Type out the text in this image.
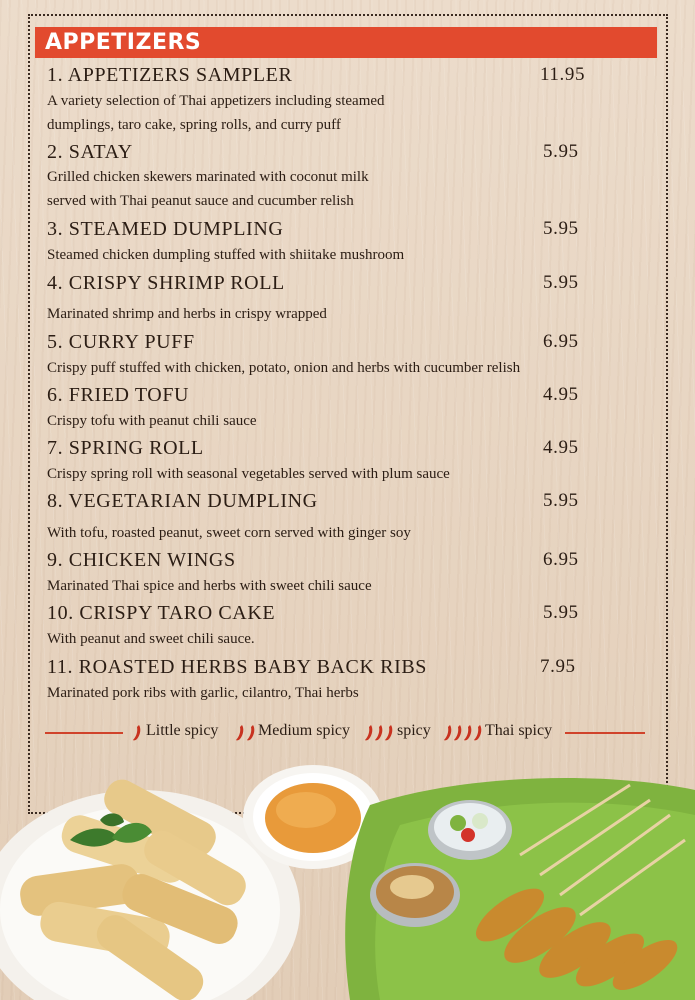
APPETIZERS
1. APPETIZERS SAMPLER	11.95
A variety selection of Thai appetizers including steamed
dumplings, taro cake, spring rolls, and curry puff
2. SATAY	5.95
Grilled chicken skewers marinated with coconut milk
served with Thai peanut sauce and cucumber relish
3. STEAMED DUMPLING	5.95
Steamed chicken dumpling stuffed with shiitake mushroom
4. CRISPY SHRIMP ROLL	5.95
Marinated shrimp and herbs in crispy wrapped
5. CURRY PUFF	6.95
Crispy puff stuffed with chicken, potato, onion and herbs with cucumber relish
6. FRIED TOFU	4.95
Crispy tofu with peanut chili sauce
7. SPRING ROLL	4.95
Crispy spring roll with seasonal vegetables served with plum sauce
8. VEGETARIAN DUMPLING	5.95
With tofu, roasted peanut, sweet corn served with ginger soy
9. CHICKEN WINGS	6.95
Marinated Thai spice and herbs with sweet chili sauce
10. CRISPY TARO CAKE	5.95
With peanut and sweet chili sauce.
11. ROASTED HERBS BABY BACK RIBS	7.95
Marinated pork ribs with garlic, cilantro, Thai herbs
Little spicy Medium spicy	spicy	Thai spicy
